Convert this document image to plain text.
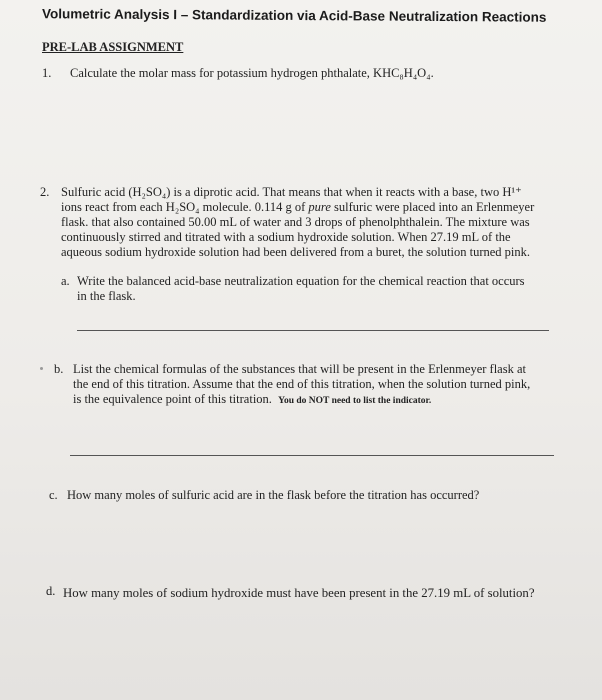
Volumetric Analysis I – Standardization via Acid-Base Neutralization Reactions
PRE-LAB ASSIGNMENT
1. Calculate the molar mass for potassium hydrogen phthalate, KHC₈H₄O₄.
2. Sulfuric acid (H₂SO₄) is a diprotic acid. That means that when it reacts with a base, two H¹⁺
ions react from each H₂SO₄ molecule. 0.114 g of pure sulfuric were placed into an Erlenmeyer
flask. that also contained 50.00 mL of water and 3 drops of phenolphthalein. The mixture was
continuously stirred and titrated with a sodium hydroxide solution. When 27.19 mL of the
aqueous sodium hydroxide solution had been delivered from a buret, the solution turned pink.
a. Write the balanced acid-base neutralization equation for the chemical reaction that occurs
in the flask.
b. List the chemical formulas of the substances that will be present in the Erlenmeyer flask at
the end of this titration. Assume that the end of this titration, when the solution turned pink,
is the equivalence point of this titration. You do NOT need to list the indicator.
c. How many moles of sulfuric acid are in the flask before the titration has occurred?
d. How many moles of sodium hydroxide must have been present in the 27.19 mL of solution?
